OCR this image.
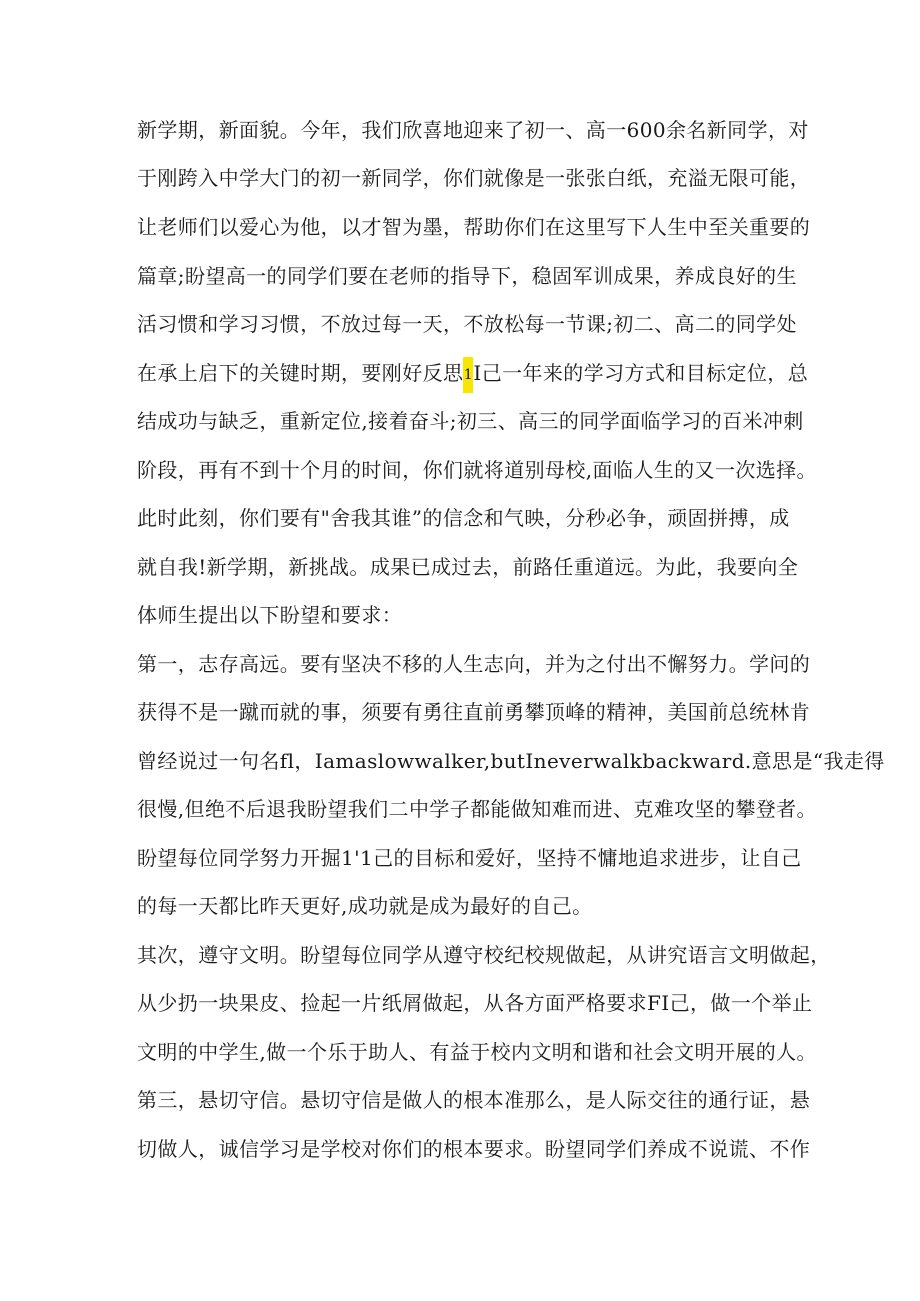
新学期，新面貌。今年，我们欣喜地迎来了初一、高一600余名新同学，对
于刚跨入中学大门的初一新同学，你们就像是一张张白纸，充溢无限可能，
让老师们以爱心为他，以才智为墨，帮助你们在这里写下人生中至关重要的
篇章;盼望高一的同学们要在老师的指导下，稳固军训成果，养成良好的生
活习惯和学习习惯，不放过每一天，不放松每一节课;初二、高二的同学处
在承上启下的关键时期，要刚好反思1I己一年来的学习方式和目标定位，总
结成功与缺乏，重新定位,接着奋斗;初三、高三的同学面临学习的百米冲刺
阶段，再有不到十个月的时间，你们就将道别母校,面临人生的又一次选择。
此时此刻，你们要有"舍我其谁”的信念和气映，分秒必争，顽固拼搏，成
就自我!新学期，新挑战。成果已成过去，前路任重道远。为此，我要向全
体师生提出以下盼望和要求：
第一，志存高远。要有坚决不移的人生志向，并为之付出不懈努力。学问的
获得不是一蹴而就的事，须要有勇往直前勇攀顶峰的精神，美国前总统林肯
曾经说过一句名fl，Iamaslowwalker,butIneverwalkbackward.意思是“我走得
很慢,但绝不后退我盼望我们二中学子都能做知难而进、克难攻坚的攀登者。
盼望每位同学努力开掘1'1己的目标和爱好，坚持不慵地追求进步，让自己
的每一天都比昨天更好,成功就是成为最好的自己。
其次，遵守文明。盼望每位同学从遵守校纪校规做起，从讲究语言文明做起，
从少扔一块果皮、捡起一片纸屑做起，从各方面严格要求FI己，做一个举止
文明的中学生,做一个乐于助人、有益于校内文明和谐和社会文明开展的人。
第三，悬切守信。悬切守信是做人的根本准那么，是人际交往的通行证，悬
切做人，诚信学习是学校对你们的根本要求。盼望同学们养成不说谎、不作
